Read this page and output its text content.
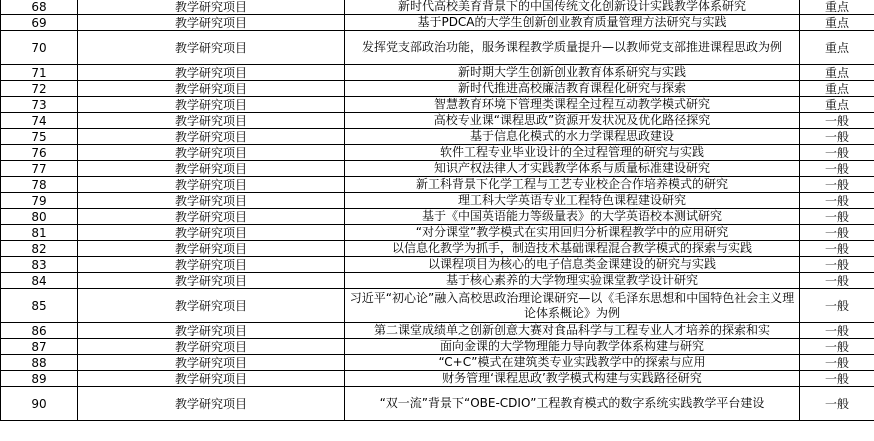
68	教学研究项目	新时代高校美育背景下的中国传统文化创新设计实践教学体系研究	重点
69	教学研究项目	基于PDCA的大学生创新创业教育质量管理方法研究与实践	重点
70	教学研究项目	发挥党支部政治功能，服务课程教学质量提升—以教师党支部推进课程思政为例	重点
71	教学研究项目	新时期大学生创新创业教育体系研究与实践	重点
72	教学研究项目	新时代推进高校廉洁教育课程化研究与探索	重点
73	教学研究项目	智慧教育环境下管理类课程全过程互动教学模式研究	重点
74	教学研究项目	高校专业课“课程思政”资源开发状况及优化路径探究	一般
75	教学研究项目	基于信息化模式的水力学课程思政建设	一般
76	教学研究项目	软件工程专业毕业设计的全过程管理的研究与实践	一般
77	教学研究项目	知识产权法律人才实践教学体系与质量标准建设研究	一般
78	教学研究项目	新工科背景下化学工程与工艺专业校企合作培养模式的研究	一般
79	教学研究项目	理工科大学英语专业工程特色课程建设研究	一般
80	教学研究项目	基于《中国英语能力等级量表》的大学英语校本测试研究	一般
81	教学研究项目	“对分课堂”教学模式在实用回归分析课程教学中的应用研究	一般
82	教学研究项目	以信息化教学为抓手，制造技术基础课程混合教学模式的探索与实践	一般
83	教学研究项目	以课程项目为核心的电子信息类金课建设的研究与实践	一般
84	教学研究项目	基于核心素养的大学物理实验课堂教学设计研究	一般
85	教学研究项目	习近平“初心论”融入高校思政治理论课研究—以《毛泽东思想和中国特色社会主义理论体系概论》为例	一般
86	教学研究项目	第二课堂成绩单之创新创意大赛对食品科学与工程专业人才培养的探索和实	一般
87	教学研究项目	面向金课的大学物理能力导向教学体系构建与研究	一般
88	教学研究项目	“C+C”模式在建筑类专业实践教学中的探索与应用	一般
89	教学研究项目	财务管理‘课程思政’教学模式构建与实践路径研究	一般
90	教学研究项目	“双一流”背景下“OBE-CDIO”工程教育模式的数字系统实践教学平台建设	一般
